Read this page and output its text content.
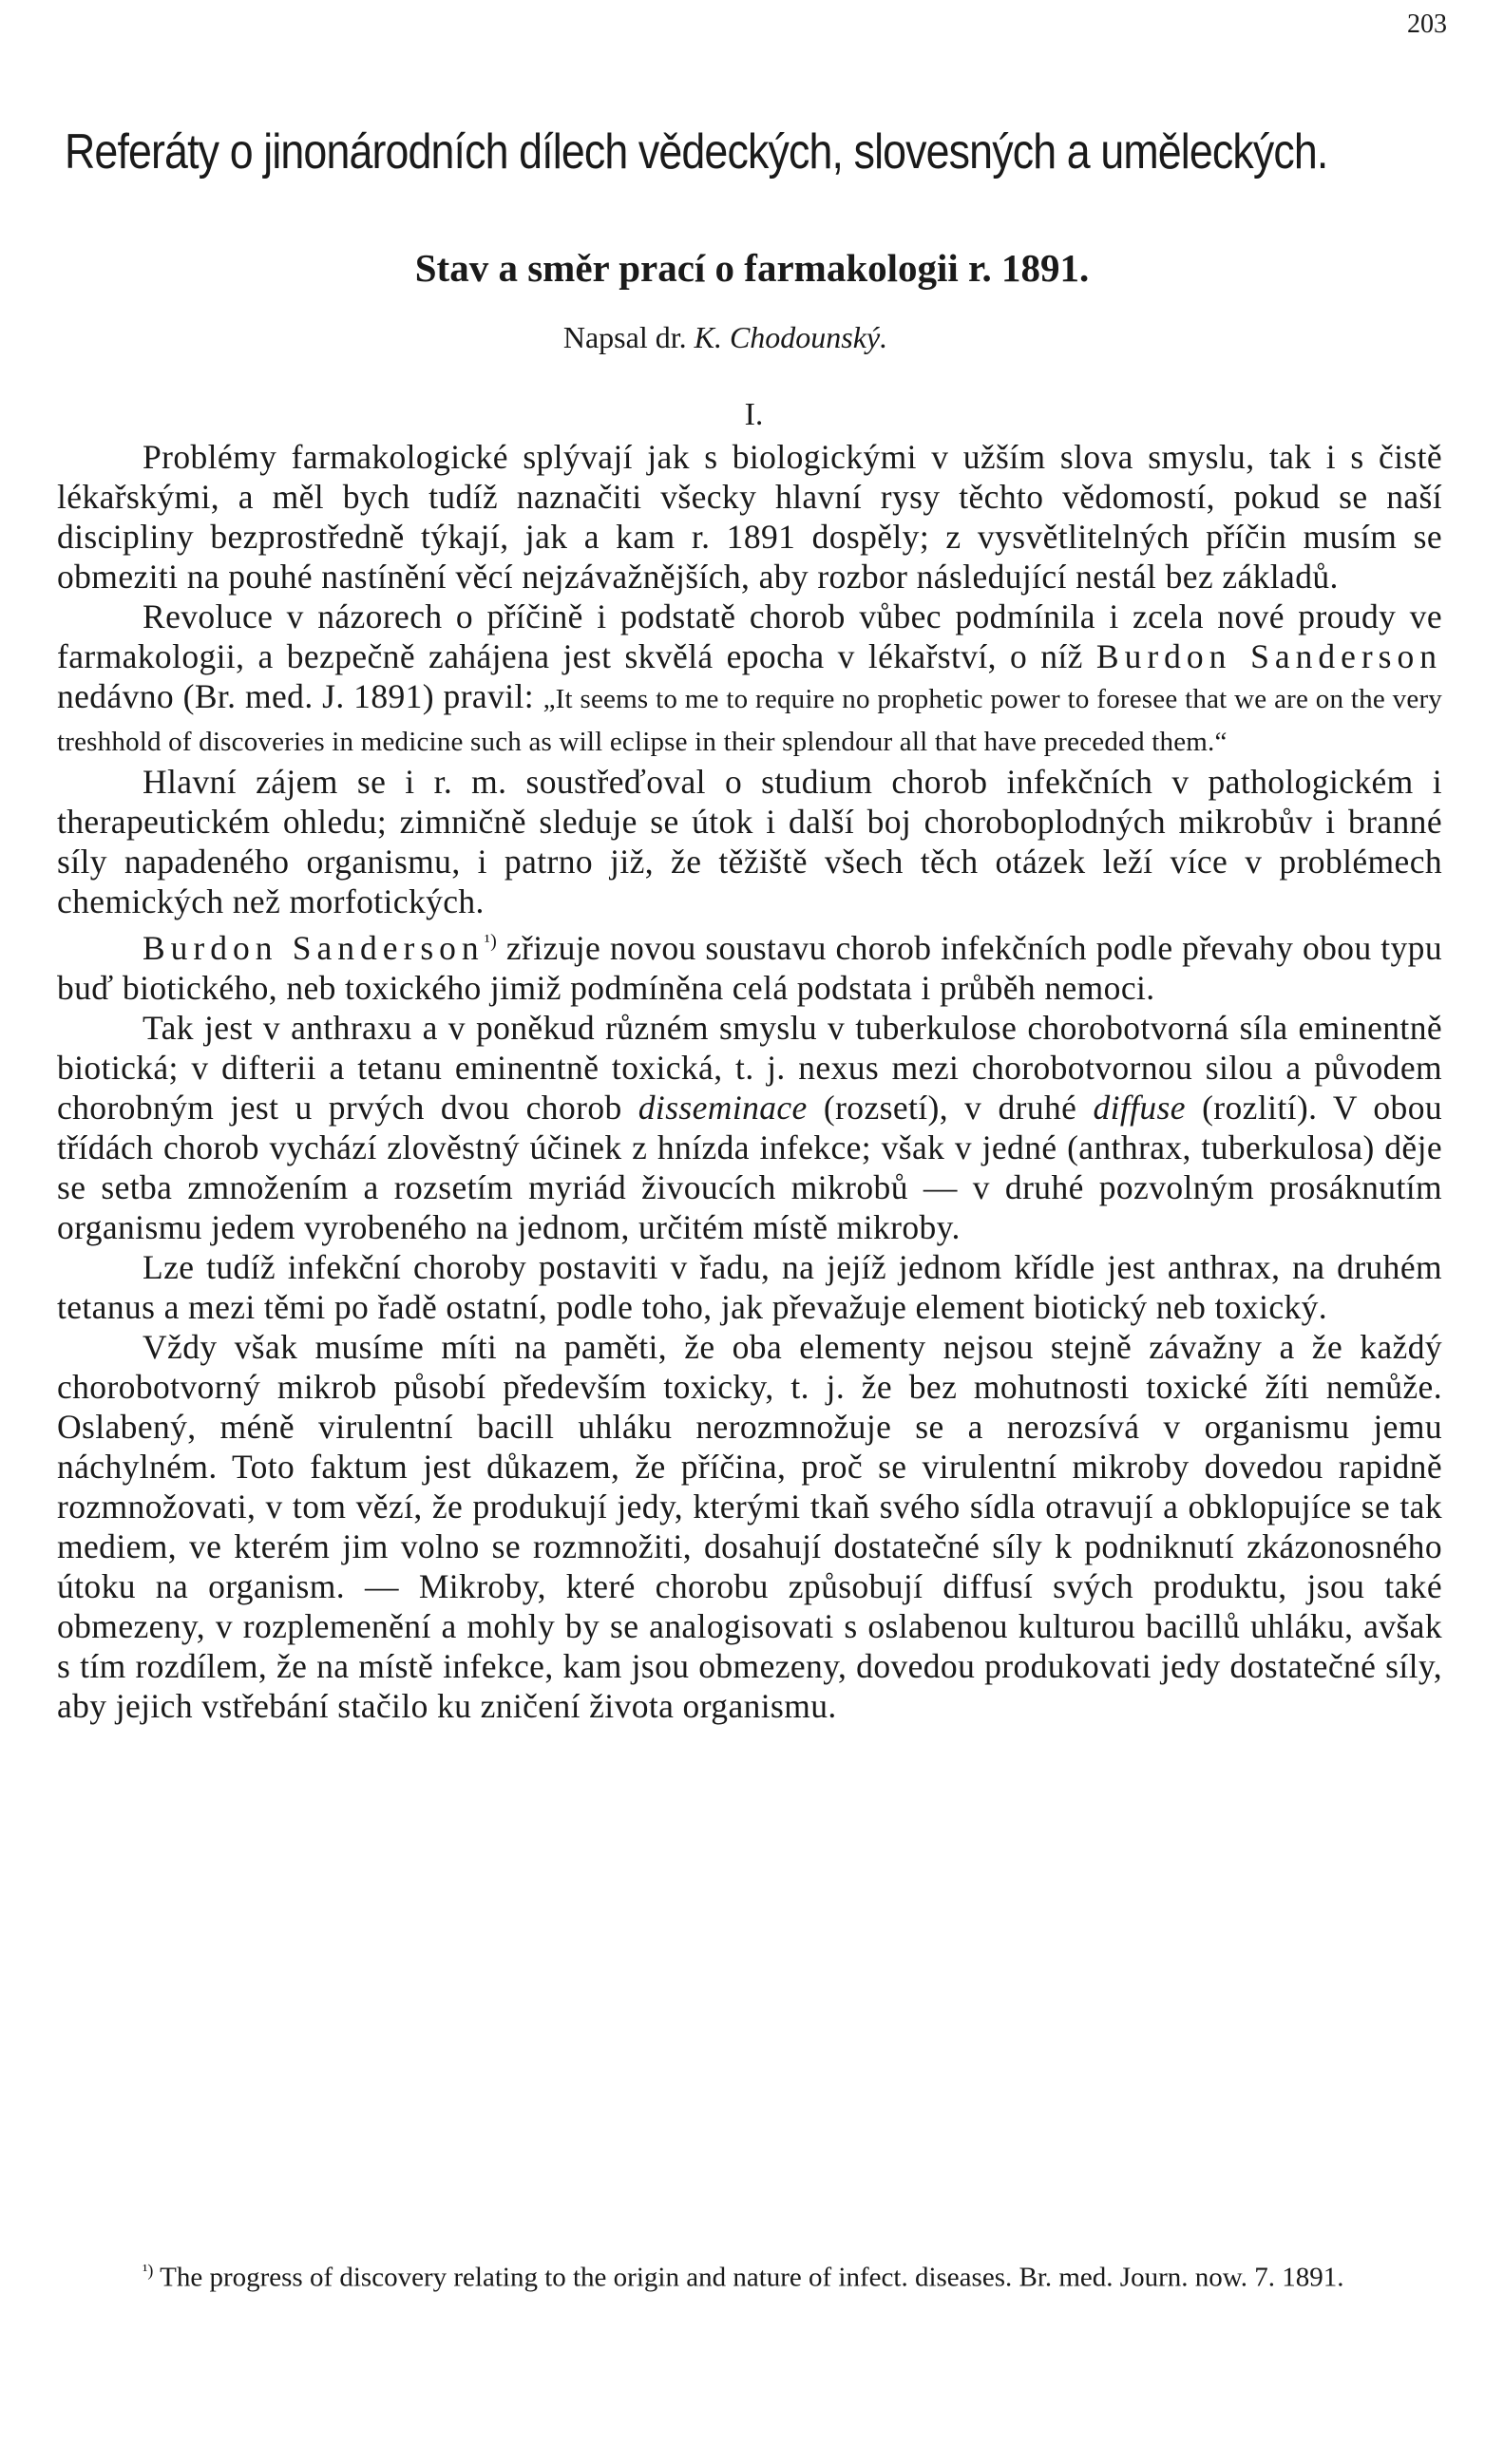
203
Referáty o jinonárodních dílech vědeckých, slovesných a uměleckých.
Stav a směr prací o farmakologii r. 1891.
Napsal dr. K. Chodounský.
I.

Problémy farmakologické splývají jak s biologickými v užším slova smyslu, tak i s čistě lékařskými, a měl bych tudíž naznačiti všecky hlavní rysy těchto vědomostí, pokud se naší discipliny bezprostředně týkají, jak a kam r. 1891 dospěly; z vysvětlitelných příčin musím se obmeziti na pouhé nastínění věcí nejzávažnějších, aby rozbor následující nestál bez základů.

Revoluce v názorech o příčině i podstatě chorob vůbec podmínila i zcela nové proudy ve farmakologii, a bezpečně zahájena jest skvělá epocha v lékařství, o níž Burdon Sanderson nedávno (Br. med. J. 1891) pravil: „It seems to me to require no prophetic power to foresee that we are on the very treshhold of discoveries in medicine such as will eclipse in their splendour all that have preceded them.“

Hlavní zájem se i r. m. soustřeďoval o studium chorob infekčních v pathologickém i therapeutickém ohledu; zimničně sleduje se útok i další boj choroboplodných mikrobův i branné síly napadeného organismu, i patrno již, že těžiště všech těch otázek leží více v problémech chemických než morfotických.

Burdon Sanderson$^{^1)}$ zřizuje novou soustavu chorob infekčních podle převahy obou typu buď biotického, neb toxického jimiž podmíněna celá podstata i průběh nemoci.

Tak jest v anthraxu a v poněkud různém smyslu v tuberkulose chorobotvorná síla eminentně biotická; v difterii a tetanu eminentně toxická, t. j. nexus mezi chorobotvornou silou a původem chorobným jest u prvých dvou chorob disseminace (rozsetí), v druhé diffuse (rozlití). V obou třídách chorob vychází zlověstný účinek z hnízda infekce; však v jedné (anthrax, tuberkulosa) děje se setba zmnožením a rozsetím myriád živoucích mikrobů — v druhé pozvolným prosáknutím organismu jedem vyrobeného na jednom, určitém místě mikroby.

Lze tudíž infekční choroby postaviti v řadu, na jejíž jednom křídle jest anthrax, na druhém tetanus a mezi těmi po řadě ostatní, podle toho, jak převažuje element biotický neb toxický.

Vždy však musíme míti na paměti, že oba elementy nejsou stejně závažny a že každý chorobotvorný mikrob působí především toxicky, t. j. že bez mohutnosti toxické žíti nemůže. Oslabený, méně virulentní bacill uhláku nerozmnožuje se a nerozsívá v organismu jemu náchylném. Toto faktum jest důkazem, že příčina, proč se virulentní mikroby dovedou rapidně rozmnožovati, v tom vězí, že produkují jedy, kterými tkaň svého sídla otravují a obklopujíce se tak mediem, ve kterém jim volno se rozmnožiti, dosahují dostatečné síly k podniknutí zkázonosného útoku na organism. — Mikroby, které chorobu způsobují diffusí svých produktu, jsou také obmezeny, v rozplemenění a mohly by se analogisovati s oslabenou kulturou bacillů uhláku, avšak s tím rozdílem, že na místě infekce, kam jsou obmezeny, dovedou produkovati jedy dostatečné síly, aby jejich vstřebání stačilo ku zničení života organismu.

$^{^1)}$ The progress of discovery relating to the origin and nature of infect. diseases. Br. med. Journ. now. 7. 1891.
